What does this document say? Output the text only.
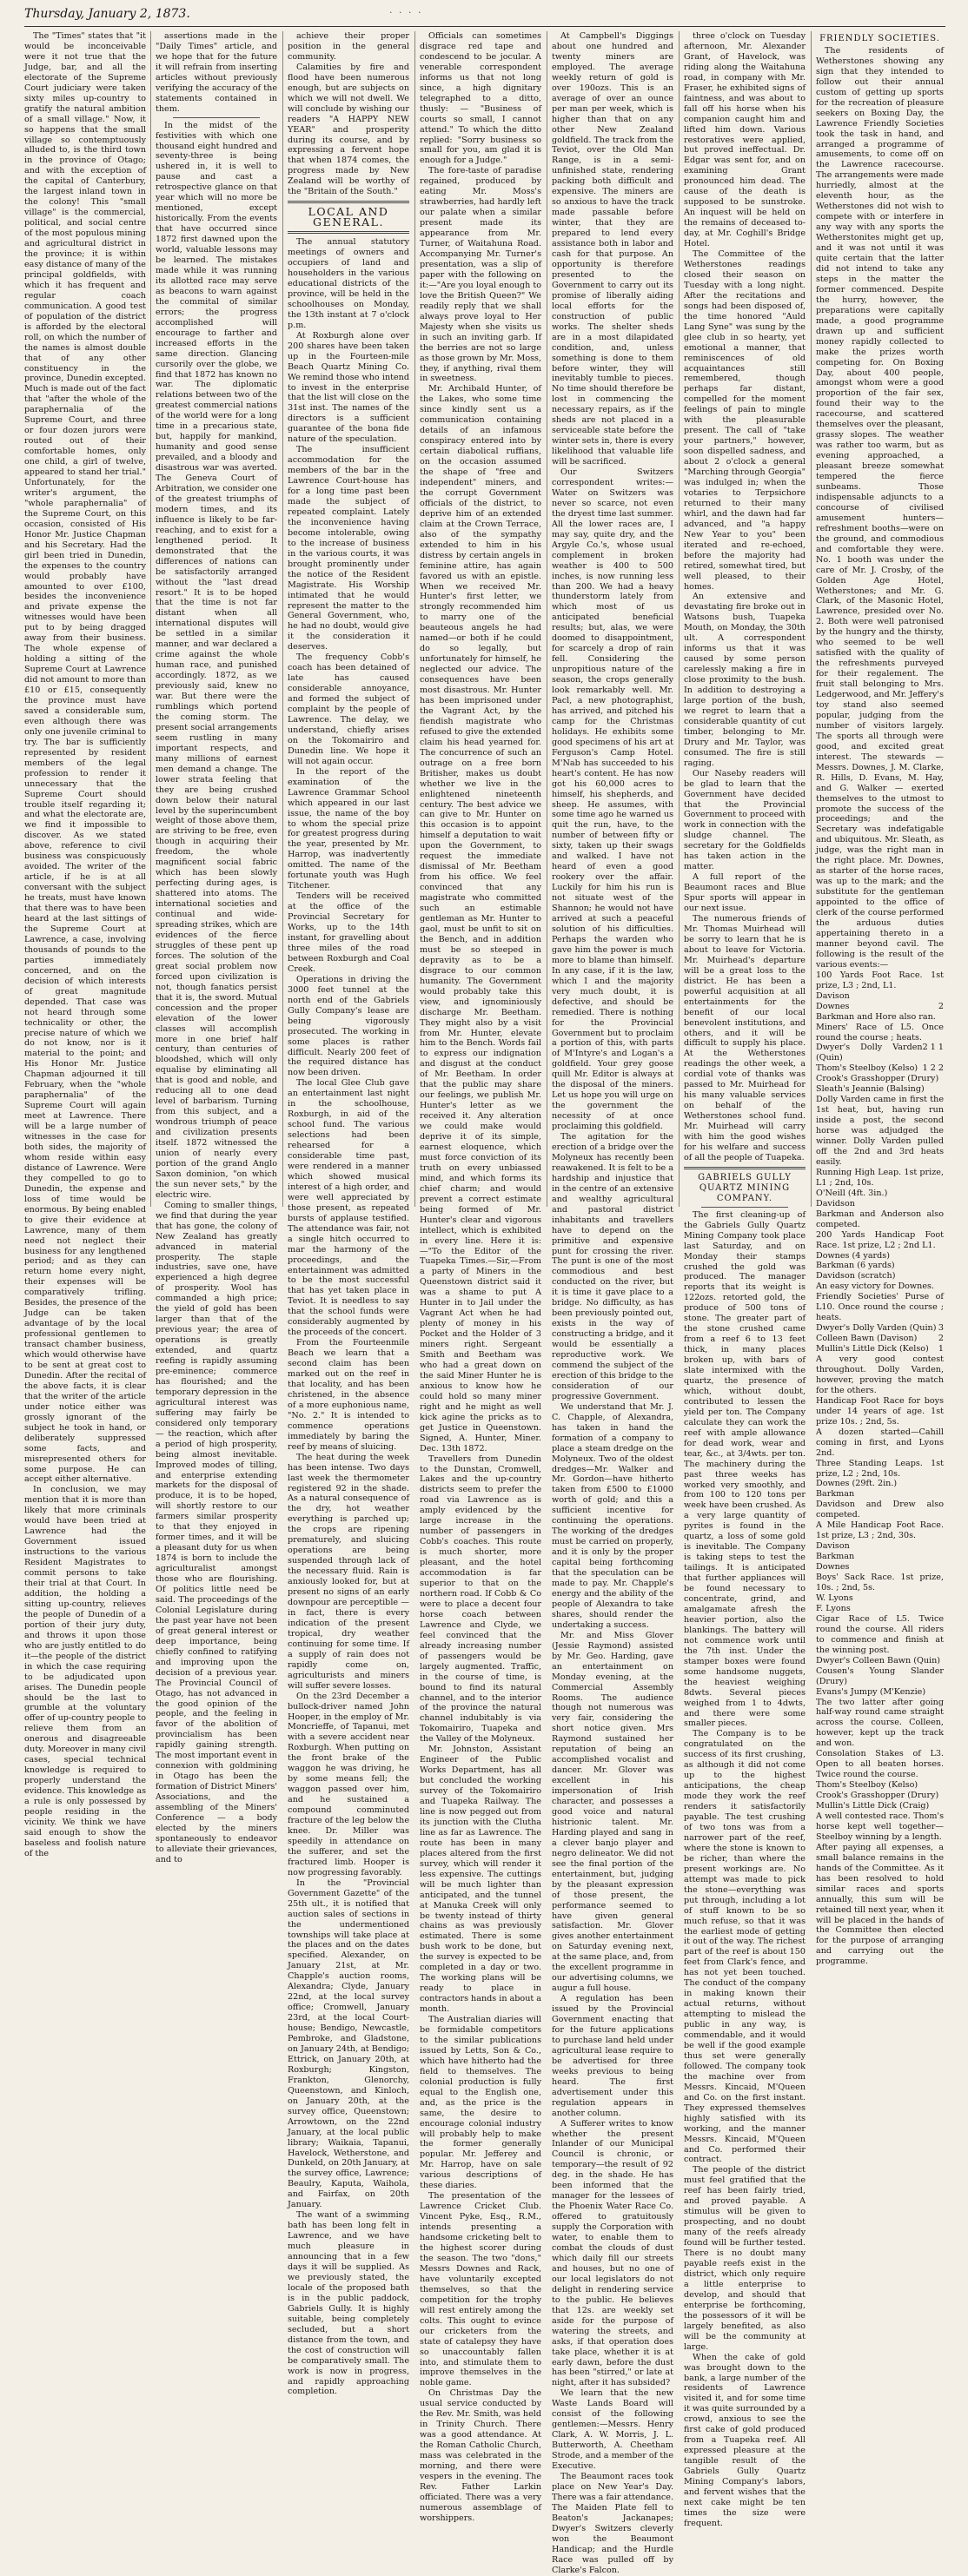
Thursday, January 2, 1873.	· · · ·

The "Times" states that "it would be inconceivable were it not true that the Judge, bar, and all the electorate of the Supreme Court judiciary were taken sixty miles up-country to gratify the natural ambition of a small village." Now, it so happens that the small village so contemptuously alluded to, is the third town in the province of Otago; and with the exception of the capital of Canterbury, the largest inland town in the colony! This "small village" is the commercial, political, and social centre of the most populous mining and agricultural district in the province; it is within easy distance of many of the principal goldfields, with which it has frequent and regular coach communication. A good test of population of the district is afforded by the electoral roll, on which the number of the names is almost double that of any other constituency in the province, Dunedin excepted. Much is made out of the fact that "after the whole of the paraphernalia of the Supreme Court, and three or four dozen jurors were routed out of their comfortable homes, only one child, a girl of twelve, appeared to stand her trial." Unfortunately, for the writer's argument, the "whole paraphernalia" of the Supreme Court, on this occasion, consisted of His Honor Mr. Justice Chapman and his Secretary. Had the girl been tried in Dunedin, the expenses to the country would probably have amounted to over £100, besides the inconvenience and private expense the witnesses would have been put to by being dragged away from their business. The whole expense of holding a sitting of the Supreme Court at Lawrence did not amount to more than £10 or £15, consequently the province must have saved a considerable sum, even although there was only one juvenile criminal to try. The bar is sufficiently represented by resident members of the legal profession to render it unnecessary that the Supreme Court should trouble itself regarding it; and what the electorate are, we find it impossible to discover. As we stated above, reference to civil business was conspicuously avoided. The writer of the article, if he is at all conversant with the subject he treats, must have known that there was to have been heard at the last sittings of the Supreme Court at Lawrence, a case, involving thousands of pounds to the parties immediately concerned, and on the decision of which interests of great magnitude depended. That case was not heard through some technicality or other, the precise nature of which we do not know, nor is it material to the point; and His Honor Mr. Justice Chapman adjourned it till February, when the "whole paraphernalia" of the Supreme Court will again meet at Lawrence. There will be a large number of witnesses in the case for both sides, the majority of whom reside within easy distance of Lawrence. Were they compelled to go to Dunedin, the expense and loss of time would be enormous. By being enabled to give their evidence at Lawrence, many of them need not neglect their business for any lengthened period; and as they can return home every night, their expenses will be comparatively trifling. Besides, the presence of the Judge can be taken advantage of by the local professional gentlemen to transact chamber business, which would otherwise have to be sent at great cost to Dunedin. After the recital of the above facts, it is clear that the writer of the article under notice either was grossly ignorant of the subject he took in hand, or deliberately suppressed some facts, and misrepresented others for some purpose. He can accept either alternative.

In conclusion, we may mention that it is more than likely that more criminals would have been tried at Lawrence had the Government issued instructions to the various Resident Magistrates to commit persons to take their trial at that Court. In addition, the holding a sitting up-country, relieves the people of Dunedin of a portion of their jury duty, and throws it upon those who are justly entitled to do it—the people of the district in which the case requiring to be adjudicated upon arises. The Dunedin people should be the last to grumble at the voluntary offer of up-country people to relieve them from an onerous and disagreeable duty. Moreover in many civil cases, special technical knowledge is required to properly understand the evidence. This knowledge as a rule is only possessed by people residing in the vicinity. We think we have said enough to show the baseless and foolish nature of the

assertions made in the "Daily Times" article, and we hope that for the future it will refrain from inserting articles without previously verifying the accuracy of the statements contained in them.

In the midst of the festivities with which one thousand eight hundred and seventy-three is being ushered in, it is well to pause and cast a retrospective glance on that year which will no more be mentioned, except historically. From the events that have occurred since 1872 first dawned upon the world, valuable lessons may be learned. The mistakes made while it was running its allotted race may serve as beacons to warn against the commital of similar errors; the progress accomplished will encourage to farther and increased efforts in the same direction. Glancing cursorily over the globe, we find that 1872 has known no war. The diplomatic relations between two of the greatest commercial nations of the world were for a long time in a precarious state, but, happily for mankind, humanity and good sense prevailed, and a bloody and disastrous war was averted. The Geneva Court of Arbitration, we consider one of the greatest triumphs of modern times, and its influence is likely to be far-reaching, and to exist for a lengthened period. It demonstrated that the differences of nations can be satisfactorily arranged without the "last dread resort." It is to be hoped that the time is not far distant when all international disputes will be settled in a similar manner, and war declared a crime against the whole human race, and punished accordingly. 1872, as we previously said, knew no war. But there were the rumblings which portend the coming storm. The present social arrangements seem rustling in many important respects, and many millions of earnest men demand a change. The lower strata feeling that they are being crushed down below their natural level by the superincumbent weight of those above them, are striving to be free, even though in acquiring their freedom, the whole magnificent social fabric which has been slowly perfecting during ages, is shattered into atoms. The international societies and continual and wide-spreading strikes, which are evidences of the fierce struggles of these pent up forces. The solution of the great social problem now forced upon civilization is not, though fanatics persist that it is, the sword. Mutual concession and the proper elevation of the lower classes will accomplish more in one brief half century, than centuries of bloodshed, which will only equalise by eliminating all that is good and noble, and reducing all to one dead level of barbarism. Turning from this subject, and a wondrous triumph of peace and civilization presents itself. 1872 witnessed the union of nearly every portion of the grand Anglo Saxon dominion, "on which the sun never sets," by the electric wire.

Coming to smaller things, we find that during the year that has gone, the colony of New Zealand has greatly advanced in material prosperity. The staple industries, save one, have experienced a high degree of prosperity. Wool has commanded a high price; the yield of gold has been larger than that of the previous year; the area of operations is greatly extended, and quartz reefing is rapidly assuming pre-eminence; commerce has flourished; and the temporary depression in the agricultural interest was suffering may fairly be considered only temporary — the reaction, which after a period of high prosperity, being almost inevitable. Improved modes of tilling, and enterprise extending markets for the disposal of produce, it is to be hoped, will shortly restore to our farmers similar prosperity to that they enjoyed in former times, and it will be a pleasant duty for us when 1874 is born to include the agriculturalist amongst those who are flourishing. Of politics little need be said. The proceedings of the Colonial Legislature during the past year have not been of great general interest or deep importance, being chiefly confined to ratifying and improving upon the decision of a previous year. The Provincial Council of Otago, has not advanced in the good opinion of the people, and the feeling in favor of the abolition of provincialism has been rapidly gaining strength. The most important event in connexion with goldmining in Otago has been the formation of District Miners' Associations, and the assembling of the Miners' Conference — a body elected by the miners spontaneously to endeavor to alleviate their grievances, and to

achieve their proper position in the general community.

Calamities by fire and flood have been numerous enough, but are subjects on which we will not dwell. We will conclude by wishing our readers "A HAPPY NEW YEAR" and prosperity during its course, and by expressing a fervent hope that when 1874 comes, the progress made by New Zealand will be worthy of the "Britain of the South."

LOCAL AND GENERAL.

The annual statutory meetings of owners and occupiers of land and householders in the various educational districts of the province, will be held in the schoolhouses on Monday, the 13th instant at 7 o'clock p.m.

At Roxburgh alone over 200 shares have been taken up in the Fourteen-mile Beach Quartz Mining Co. We remind those who intend to invest in the enterprise that the list will close on the 31st inst. The names of the directors is a sufficient guarantee of the bona fide nature of the speculation.

The insufficient accommodation for the members of the bar in the Lawrence Court-house has for a long time past been made the subject of repeated complaint. Lately the inconvenience having become intolerable, owing to the increase of business in the various courts, it was brought prominently under the notice of the Resident Magistrate. His Worship intimated that he would represent the matter to the General Government, who, he had no doubt, would give it the consideration it deserves.

The frequency Cobb's coach has been detained of late has caused considerable annoyance, and formed the subject of complaint by the people of Lawrence. The delay, we understand, chiefly arises on the Tokomairiro and Dunedin line. We hope it will not again occur.

In the report of the examination of the Lawrence Grammar School which appeared in our last issue, the name of the boy to whom the special prize for greatest progress during the year, presented by Mr. Harrop, was inadvertently omitted. The name of the fortunate youth was Hugh Titchener.

Tenders will be received at the office of the Provincial Secretary for Works, up to the 14th instant, for gravelling about three miles of the road between Roxburgh and Coal Creek.

Operations in driving the 3000 feet tunnel at the north end of the Gabriels Gully Company's lease are being vigorously prosecuted. The working in some places is rather difficult. Nearly 200 feet of the required distance has now been driven.

The local Glee Club gave an entertainment last night in the schoolhouse, Roxburgh, in aid of the school fund. The various selections had been rehearsed for a considerable time past, were rendered in a manner which showed musical interest of a high order, and were well appreciated by those present, as repeated bursts of applause testified. The attendance was fair, not a single hitch occurred to mar the harmony of the proceedings, and the entertainment was admitted to be the most successful that has yet taken place in Teviot. It is needless to say that the school funds were considerably augmented by the proceeds of the concert.

From the Fourteenmile Beach we learn that a second claim has been marked out on the reef in that locality, and has been christened, in the absence of a more euphonious name, "No. 2." It is intended to commence operations immediately by baring the reef by means of sluicing.

The heat during the week has been intense. Two days last week the thermometer registered 92 in the shade. As a natural consequence of the dry, hot weather everything is parched up; the crops are ripening prematurely, and sluicing operations are being suspended through lack of the necessary fluid. Rain is anxiously looked for, but at present no signs of an early downpour are perceptible — in fact, there is every indication of the present tropical, dry weather continuing for some time. If a supply of rain does not rapidly come on, agriculturists and miners will suffer severe losses.

On the 23rd December a bullock-driver named John Hooper, in the employ of Mr. Moncrieffe, of Tapanui, met with a severe accident near Roxburgh. When putting on the front brake of the waggon he was driving, he by some means fell; the waggon passed over him, and he sustained a compound comminuted fracture of the leg below the knee. Dr. Miller was speedily in attendance on the sufferer, and set the fractured limb. Hooper is now progressing favorably.

In the "Provincial Government Gazette" of the 25th ult., it is notified that auction sales of sections in the undermentioned townships will take place at the places and on the dates specified. Alexander, on January 21st, at Mr. Chapple's auction rooms, Alexandra; Clyde, January 22nd, at the local survey office; Cromwell, January 23rd, at the local Court-house; Bendigo, Newcastle, Pembroke, and Gladstone, on January 24th, at Bendigo; Ettrick, on January 20th, at Roxburgh; Kingston, Frankton, Glenorchy, Queenstown, and Kinloch, on January 20th, at the survey office, Queenstown; Arrowtown, on the 22nd January, at the local public library; Waikaia, Tapanui, Havelock, Wetherstone, and Dunkeld, on 20th January, at the survey office, Lawrence; Beaulry, Kaputa, Waihola, and Fairfax, on 20th January.

The want of a swimming bath has been long felt in Lawrence, and we have much pleasure in announcing that in a few days it will be supplied. As we previously stated, the locale of the proposed bath is in the public paddock, Gabriels Gully. It is highly suitable, being completely secluded, but a short distance from the town, and the cost of construction will be comparatively small. The work is now in progress, and rapidly approaching completion.

Officials can sometimes disgrace red tape and condescend to be jocular. A venerable correspondent informs us that not long since, a high dignitary telegraphed to a ditto, thusly: — "Business of courts so small, I cannot attend." To which the ditto replied: "Sorry business so small for you, am glad it is enough for a Judge."

The fore-taste of paradise regained, produced by eating Mr. Moss's strawberries, had hardly left our palate when a similar present made its appearance from Mr. Turner, of Waitahuna Road. Accompanying Mr. Turner's presentation, was a slip of paper with the following on it:—"Are you loyal enough to love the British Queen?" We readily reply that we shall always prove loyal to Her Majesty when she visits us in such an inviting garb. If the berries are not so large as those grown by Mr. Moss, they, if anything, rival them in sweetness.

Mr. Archibald Hunter, of the Lakes, who some time since kindly sent us a communication containing details of an infamous conspiracy entered into by certain diabolical ruffians, on the occasion assumed the shape of "free and independent" miners, and the corrupt Government officials of the district, to deprive him of an extended claim at the Crown Terrace, also of the sympathy extended to him in his distress by certain angels in feminine attire, has again favored us with an epistle. When we received Mr. Hunter's first letter, we strongly recommended him to marry one of the beauteous angels he had named—or both if he could do so legally, but unfortunately for himself, he neglected our advice. The consequences have been most disastrous. Mr. Hunter has been imprisoned under the Vagrant Act, by the fiendish magistrate who refused to give the extended claim his head yearned for. The concurrence of such an outrage on a free born Britisher, makes us doubt whether we live in the enlightened nineteenth century. The best advice we can give to Mr. Hunter on this occasion is to appoint himself a deputation to wait upon the Government, to request the immediate dismissal of Mr. Beetham from his office. We feel convinced that any magistrate who committed such an estimable gentleman as Mr. Hunter to gaol, must be unfit to sit on the Bench, and in addition must be so steeped in depravity as to be a disgrace to our common humanity. The Government would probably take this view, and ignominiously discharge Mr. Beetham. They might also by a visit from Mr. Hunter, elevate him to the Bench. Words fail to express our indignation and disgust at the conduct of Mr. Beetham. In order that the public may share our feelings, we publish Mr. Hunter's letter as we received it. Any alteration we could make would deprive it of its simple, earnest eloquence, which must force conviction of its truth on every unbiassed mind, and which forms its chief charm; and would prevent a correct estimate being formed of Mr. Hunter's clear and vigorous intellect, which is exhibited in every line. Here it is:—"To the Editor of the Tuapeka Times.—Sir,—From a party of Miners in the Queenstown district said it was a shame to put A Hunter in to Jail under the Vagrant Act when he had plenty of money in his Pocket and the Holder of 3 miners right. Sergeant Smith and Beetham was who had a great down on the said Miner Hunter he is anxious to know how he could hold so many miner right and he might as well kick agine the pricks as to get Justice in Queenstown. Signed, A. Hunter, Miner. Dec. 13th 1872.

Travellers from Dunedin to the Dunstan, Cromwell, Lakes and the up-country districts seem to prefer the road via Lawrence as is amply evidenced by the large increase in the number of passengers in Cobb's coaches. This route is much shorter, more pleasant, and the hotel accommodation is far superior to that on the northern road. If Cobb & Co were to place a decent four horse coach between Lawrence and Clyde, we feel convinced that the already increasing number of passengers would be largely augmented. Traffic, in the course of time, is bound to find its natural channel, and to the interior of the province the natural channel indubitably is via Tokomairiro, Tuapeka and the Valley of the Molyneux.

Mr. Johnston, Assistant Engineer of the Public Works Department, has all but concluded the working survey of the Tokomairiro and Tuapeka Railway. The line is now pegged out from its junction with the Clutha line as far as Lawrence. The route has been in many places altered from the first survey, which will render it less expensive. The cuttings will be much lighter than anticipated, and the tunnel at Manuka Creek will only be twenty instead of thirty chains as was previously estimated. There is some bush work to be done, but the survey is expected to be completed in a day or two. The working plans will be ready to place in contractors hands in about a month.

The Australian diaries will be formidable competitors to the similar publications issued by Letts, Son & Co., which have hitherto had the field to themselves. The colonial production is fully equal to the English one, and, as the price is the same, the desire to encourage colonial industry will probably help to make the former generally popular. Mr. Jefferey and Mr. Harrop, have on sale various descriptions of these diaries.

The presentation of the Lawrence Cricket Club. Vincent Pyke, Esq., R.M., intends presenting a handsome cricketing belt to the highest scorer during the season. The two "dons," Messrs Downes and Rack, have voluntarily excepted themselves, so that the competition for the trophy will rest entirely among the colts. This ought to evince our cricketers from the state of catalepsy they have so unaccountably fallen into, and stimulate them to improve themselves in the noble game.

On Christmas Day the usual service conducted by the Rev. Mr. Smith, was held in Trinity Church. There was a good attendance. At the Roman Catholic Church, mass was celebrated in the morning, and there were vespers in the evening. The Rev. Father Larkin officiated. There was a very numerous assemblage of worshippers.

At Campbell's Diggings about one hundred and twenty miners are employed. The average weekly return of gold is over 190ozs. This is an average of over an ounce per man per week, which is higher than that on any other New Zealand goldfield. The track from the Teviot, over the Old Man Range, is in a semi-unfinished state, rendering packing both difficult and expensive. The miners are so anxious to have the track made passable before winter, that they are prepared to lend every assistance both in labor and cash for that purpose. An opportunity is therefore presented to the Government to carry out its promise of liberally aiding local efforts for the construction of public works. The shelter sheds are in a most dilapidated condition, and, unless something is done to them before winter, they will inevitably tumble to pieces. No time should therefore be lost in commencing the necessary repairs, as if the sheds are not placed in a serviceable state before the winter sets in, there is every likelihood that valuable life will be sacrificed.

Our Switzers correspondent writes:—Water on Switzers was never so scarce, not even the dryest time last summer. All the lower races are, I may say, quite dry, and the Argyle Co.'s, whose usual complement in broken weather is 400 to 500 inches, is now running less than 200. We had a heavy thunderstorm lately from which most of us anticipated beneficial results; but, alas, we were doomed to disappointment, for scarcely a drop of rain fell. Considering the unpropitious nature of the season, the crops generally look remarkably well. Mr. Pacl, a new photographist, has arrived, and pitched his camp for the Christmas holidays. He exhibits some good specimens of his art at Ferguson's Camp Hotel. M'Nab has succeeded to his heart's content. He has now got his 60,000 acres to himself, his shepherds, and sheep. He assumes, with some time ago he warned us quit the run, have, to the number of between fifty or sixty, taken up their swags and walked. I have not heard of even a good rookery over the affair. Luckily for him his run is not situate west of the Shannon; he would not have arrived at such a peaceful solution of his difficulties. Perhaps the warden who gave him the power is much more to blame than himself. In any case, if it is the law, which I and the majority very much doubt, it is defective, and should be remedied. There is nothing for the Provincial Government but to proclaim a portion of this, with parts of M'Intyre's and Logan's a goldfield. Your grey goose quill Mr. Editor is always at the disposal of the miners. Let us hope you will urge on the government the necessity of at once proclaiming this goldfield.

The agitation for the erection of a bridge over the Molyneux has recently been reawakened. It is felt to be a hardship and injustice that in the centre of an extensive and wealthy agricultural and pastoral district inhabitants and travellers have to depend on the primitive and expensive punt for crossing the river. The punt is one of the most commodious and best conducted on the river, but it is time it gave place to a bridge. No difficulty, as has been previously pointed out, exists in the way of constructing a bridge, and it would be essentially a reproductive work. We commend the subject of the erection of this bridge to the consideration of our progressive Government.

We understand that Mr. J. C. Chapple, of Alexandra, has taken in hand the formation of a company to place a steam dredge on the Molyneux. Two of the oldest dredges—Mr. Walker and Mr. Gordon—have hitherto taken from £500 to £1000 worth of gold; and this a sufficient incentive for continuing the operations. The working of the dredges must be carried on properly, and it is only by the proper capital being forthcoming that the speculation can be made to pay. Mr. Chapple's energy and the ability of the people of Alexandra to take shares, should render the undertaking a success.

Mr. and Miss Glover (Jessie Raymond) assisted by Mr. Geo. Harding, gave an entertainment on Monday evening, at the Commercial Assembly Rooms. The audience though not numerous was very fair, considering the short notice given. Mrs Raymond sustained her reputation of being an accomplished vocalist and dancer. Mr. Glover was excellent in his impersonation of Irish character, and possesses a good voice and natural histrionic talent. Mr. Harding played and sang in a clever banjo player and negro delineator. We did not see the final portion of the entertainment, but, judging by the pleasant expression of those present, the performance seemed to have given general satisfaction. Mr. Glover gives another entertainment on Saturday evening next, at the same place, and, from the excellent programme in our advertising columns, we augur a full house.

A regulation has been issued by the Provincial Government enacting that for the future applications to purchase land held under agricultural lease require to be advertised for three weeks previous to being heard. The first advertisement under this regulation appears in another column.

A Sufferer writes to know whether the present Inlander of our Municipal Council is chronic, or temporary—the result of 92 deg. in the shade. He has been informed that the manager for the lessees of the Phoenix Water Race Co. offered to gratuitously supply the Corporation with water, to enable them to combat the clouds of dust which daily fill our streets and houses, but no one of our local legislators do not delight in rendering service to the public. He believes that 12s. are weekly set aside for the purpose of watering the streets, and asks, if that operation does take place, whether it is at early dawn, before the dust has been "stirred," or late at night, after it has subsided?

We learn that the new Waste Lands Board will consist of the following gentlemen:—Messrs. Henry Clark, A. W. Morris, J. L. Butterworth, A. Cheetham Strode, and a member of the Executive.

The Beaumont races took place on New Year's Day. There was a fair attendance. The Maiden Plate fell to Beaton's Jackanapes; Dwyer's Switzers cleverly won the Beaumont Handicap; and the Hurdle Race was pulled off by Clarke's Falcon.

three o'clock on Tuesday afternoon, Mr. Alexander Grant, of Havelock, was riding along the Waitahuna road, in company with Mr. Fraser, he exhibited signs of faintness, and was about to fall off his horse when his companion caught him and lifted him down. Various restoratives were applied, but proved ineffectual. Dr. Edgar was sent for, and on examining Grant pronounced him dead. The cause of the death is supposed to be sunstroke. An inquest will be held on the remains of deceased to-day, at Mr. Coghill's Bridge Hotel.

The Committee of the Wetherstones readings closed their season on Tuesday with a long night. After the recitations and songs had been disposed of, the time honored "Auld Lang Syne" was sung by the glee club in so hearty, yet emotional a manner, that reminiscences of old acquaintances still remembered, though perhaps far distant, compelled for the moment feelings of pain to mingle with the pleasurable present. The call of "take your partners," however, soon dispelled sadness, and about 2 o'clock a general "Marching through Georgia" was indulged in; when the votaries to Terpsichore returned to their many whirl, and the dawn had far advanced, and "a happy New Year to you" been iterated and re-echoed, before the majority had retired, somewhat tired, but well pleased, to their homes.

An extensive and devastating fire broke out in Watsons bush, Tuapeka Mouth, on Monday, the 30th ult. A correspondent informs us that it was caused by some person carelessly making a fire in close proximity to the bush. In addition to destroying a large portion of the bush, we regret to learn that a considerable quantity of cut timber, belonging to Mr. Drury and Mr. Taylor, was consumed. The fire is still raging.

Our Naseby readers will be glad to learn that the Government have decided that the Provincial Government to proceed with work in connection with the sludge channel. The secretary for the Goldfields has taken action in the matter.

A full report of the Beaumont races and Blue Spur sports will appear in our next issue.

The numerous friends of Mr. Thomas Muirhead will be sorry to learn that he is about to leave for Victoria. Mr. Muirhead's departure will be a great loss to the district. He has been a powerful acquisition at all entertainments for the benefit of our local benevolent institutions, and others, and it will be difficult to supply his place. At the Wetherstones readings the other week, a cordial vote of thanks was passed to Mr. Muirhead for his many valuable services on behalf of the Wetherstones school fund. Mr. Muirhead will carry with him the good wishes for his welfare and success of all the people of Tuapeka.

GABRIELS GULLY QUARTZ MINING COMPANY.

The first cleaning-up of the Gabriels Gully Quartz Mining Company took place last Saturday, and on Monday their stamps crushed the gold was produced. The manager reports that its weight is 122ozs. retorted gold, the produce of 500 tons of stone. The greater part of the stone crushed came from a reef 6 to 13 feet thick, in many places broken up, with bars of slate intermixed with the quartz, the presence of which, without doubt, contributed to lessen the yield per ton. The Company calculate they can work the reef with ample allowance for dead work, wear and tear, &c., at 3/4wts. per ton. The machinery during the past three weeks has worked very smoothly, and from 100 to 120 tons per week have been crushed. As a very large quantity of pyrites is found in the quartz, a loss of some gold is inevitable. The Company is taking steps to test the tailings. It is anticipated that further appliances will be found necessary to concentrate, grind, and amalgamate afresh the heavier portion, also the blankings. The battery will not commence work until the 7th inst. Under the stamper boxes were found some handsome nuggets, the heaviest weighing 8dwts. Several pieces weighed from 1 to 4dwts, and there were some smaller pieces.

The Company is to be congratulated on the success of its first crushing, as although it did not come up to the highest anticipations, the cheap mode they work the reef renders it satisfactorily payable. The test crushing of two tons was from a narrower part of the reef, where the stone is known to be richer, than where the present workings are. No attempt was made to pick the stone—everything was put through, including a lot of stuff known to be so much refuse, so that it was the earliest mode of getting it out of the way. The richest part of the reef is about 150 feet from Clark's fence, and has not yet been touched. The conduct of the company in making known their actual returns, without attempting to mislead the public in any way, is commendable, and it would be well if the good example thus set were generally followed. The company took the machine over from Messrs. Kincaid, M'Queen and Co. on the first instant. They expressed themselves highly satisfied with its working, and the manner Messrs. Kincaid, M'Queen and Co. performed their contract.

The people of the district must feel gratified that the reef has been fairly tried, and proved payable. A stimulus will be given to prospecting, and no doubt many of the reefs already found will be further tested. There is no doubt many payable reefs exist in the district, which only require a little enterprise to develop, and should that enterprise be forthcoming, the possessors of it will be largely benefited, as also will be the community at large.

When the cake of gold was brought down to the bank, a large number of the residents of Lawrence visited it, and for some time it was quite surrounded by a crowd, anxious to see the first cake of gold produced from a Tuapeka reef. All expressed pleasure at the tangible result of the Gabriels Gully Quartz Mining Company's labors, and fervent wishes that the next cake might be ten times the size were frequent.

FRIENDLY SOCIETIES.

The residents of Wetherstones showing any sign that they intended to follow out their annual custom of getting up sports for the recreation of pleasure seekers on Boxing Day, the Lawrence Friendly Societies took the task in hand, and arranged a programme of amusements, to come off on the Lawrence racecourse. The arrangements were made hurriedly, almost at the eleventh hour, as the Wetherstones did not wish to compete with or interfere in any way with any sports the Wetherstonites might get up, and it was not until it was quite certain that the latter did not intend to take any steps in the matter the former commenced. Despite the hurry, however, the preparations were capitally made, a good programme drawn up and sufficient money rapidly collected to make the prizes worth competing for. On Boxing Day, about 400 people, amongst whom were a good proportion of the fair sex, found their way to the racecourse, and scattered themselves over the pleasant, grassy slopes. The weather was rather too warm, but as evening approached, a pleasant breeze somewhat tempered the fierce sunbeams. Those indispensable adjuncts to a concourse of civilised amusement hunters—refreshment booths—were on the ground, and commodious and comfortable they were. No. 1 booth was under the care of Mr. J. Crosby, of the Golden Age Hotel, Wetherstones; and Mr. G. Clark, of the Masonic Hotel, Lawrence, presided over No. 2. Both were well patronised by the hungry and the thirsty, who seemed to be well satisfied with the quality of the refreshments purveyed for their regalement. The fruit stall belonging to Mrs. Ledgerwood, and Mr. Jeffery's toy stand also seemed popular, judging from the number of visitors largely. The sports all through were good, and excited great interest. The stewards — Messrs. Downes, J. M. Clarke, R. Hills, D. Evans, M. Hay, and G. Walker — exerted themselves to the utmost to promote the success of the proceedings; and the Secretary was indefatigable and ubiquitous. Mr. Sleath, as judge, was the right man in the right place. Mr. Downes, as starter of the horse races, was up to the mark; and the substitute for the gentleman appointed to the office of clerk of the course performed the arduous duties appertaining thereto in a manner beyond cavil. The following is the result of the various events:—

100 Yards Foot Race. 1st prize, L3 ; 2nd, L1.

Davison
Downes	2

Barkman and Hore also ran.

Miners' Race of L5. Once round the course ; heats.

Dwyer's Dolly Varden (Quin)
2 1 1
Thom's Steelboy (Kelso) 1 2 2
Crook's Grasshopper (Drury)
Sleath's Jeannie (Balsing)

Dolly Varden came in first the 1st heat, but, having run inside a post, the second horse was adjudged the winner. Dolly Varden pulled off the 2nd and 3rd heats easily.

Running High Leap. 1st prize, L1 ; 2nd, 10s.

O'Neill (4ft. 3in.)
Davidson

Barkman and Anderson also competed.

200 Yards Handicap Foot Race. 1st prize, L2 ; 2nd L1.

Downes (4 yards)
Barkman (6 yards)
Davidson (scratch)

An easy victory for Downes.

Friendly Societies' Purse of L10. Once round the course ; heats.

Dwyer's Dolly Varden (Quin) 3
Colleen Bawn (Davison)	2
Mullin's Little Dick (Kelso) 1

A very good contest throughout. Dolly Varden, however, proving the match for the others.

Handicap Foot Race for boys under 14 years of age. 1st prize 10s. ; 2nd, 5s.

A dozen started—Cahill coming in first, and Lyons 2nd.

Three Standing Leaps. 1st prize, L2 ; 2nd, 10s.

Downes (29ft. 2in.)
Barkman

Davidson and Drew also competed.

A Mile Handicap Foot Race. 1st prize, L3 ; 2nd, 30s.

Davison
Barkman
Downes

Boys' Sack Race. 1st prize, 10s. ; 2nd, 5s.

W. Lyons
F. Lyons

Cigar Race of L5. Twice round the course. All riders to commence and finish at the winning post.

Dwyer's Colleen Bawn (Quin)
Cousen's Young Slander (Drury)
Evans's Jumpy (M'Kenzie)

The two latter after going half-way round came straight across the course. Colleen, however, kept up the track and won.

Consolation Stakes of L3. Open to all beaten horses. Twice round the course.

Thom's Steelboy (Kelso)
Crook's Grasshopper (Drury)
Mullin's Little Dick (Craig)

A well contested race. Thom's horse kept well together—Steelboy winning by a length.

After paying all expenses, a small balance remains in the hands of the Committee. As it has been resolved to hold similar races and sports annually, this sum will be retained till next year, when it will be placed in the hands of the Committee then elected for the purpose of arranging and carrying out the programme.
